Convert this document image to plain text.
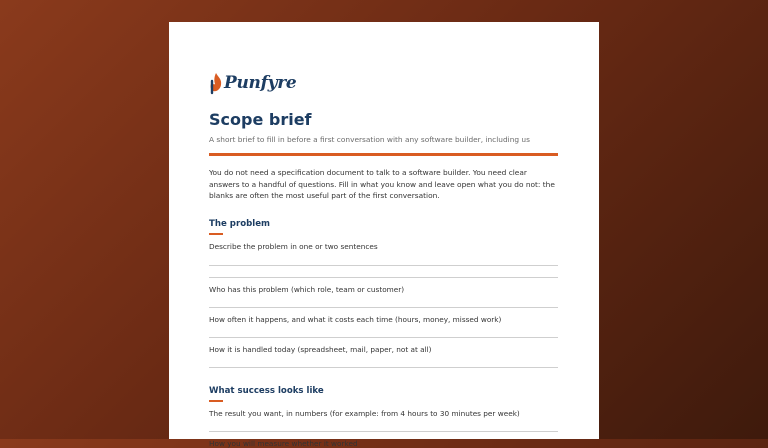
Punfyre
Scope brief
A short brief to fill in before a first conversation with any software builder, including us

You do not need a specification document to talk to a software builder. You need clear answers to a handful of questions. Fill in what you know and leave open what you do not: the blanks are often the most useful part of the first conversation.

The problem
Describe the problem in one or two sentences
Who has this problem (which role, team or customer)
How often it happens, and what it costs each time (hours, money, missed work)
How it is handled today (spreadsheet, mail, paper, not at all)
What success looks like
The result you want, in numbers (for example: from 4 hours to 30 minutes per week)
How you will measure whether it worked
